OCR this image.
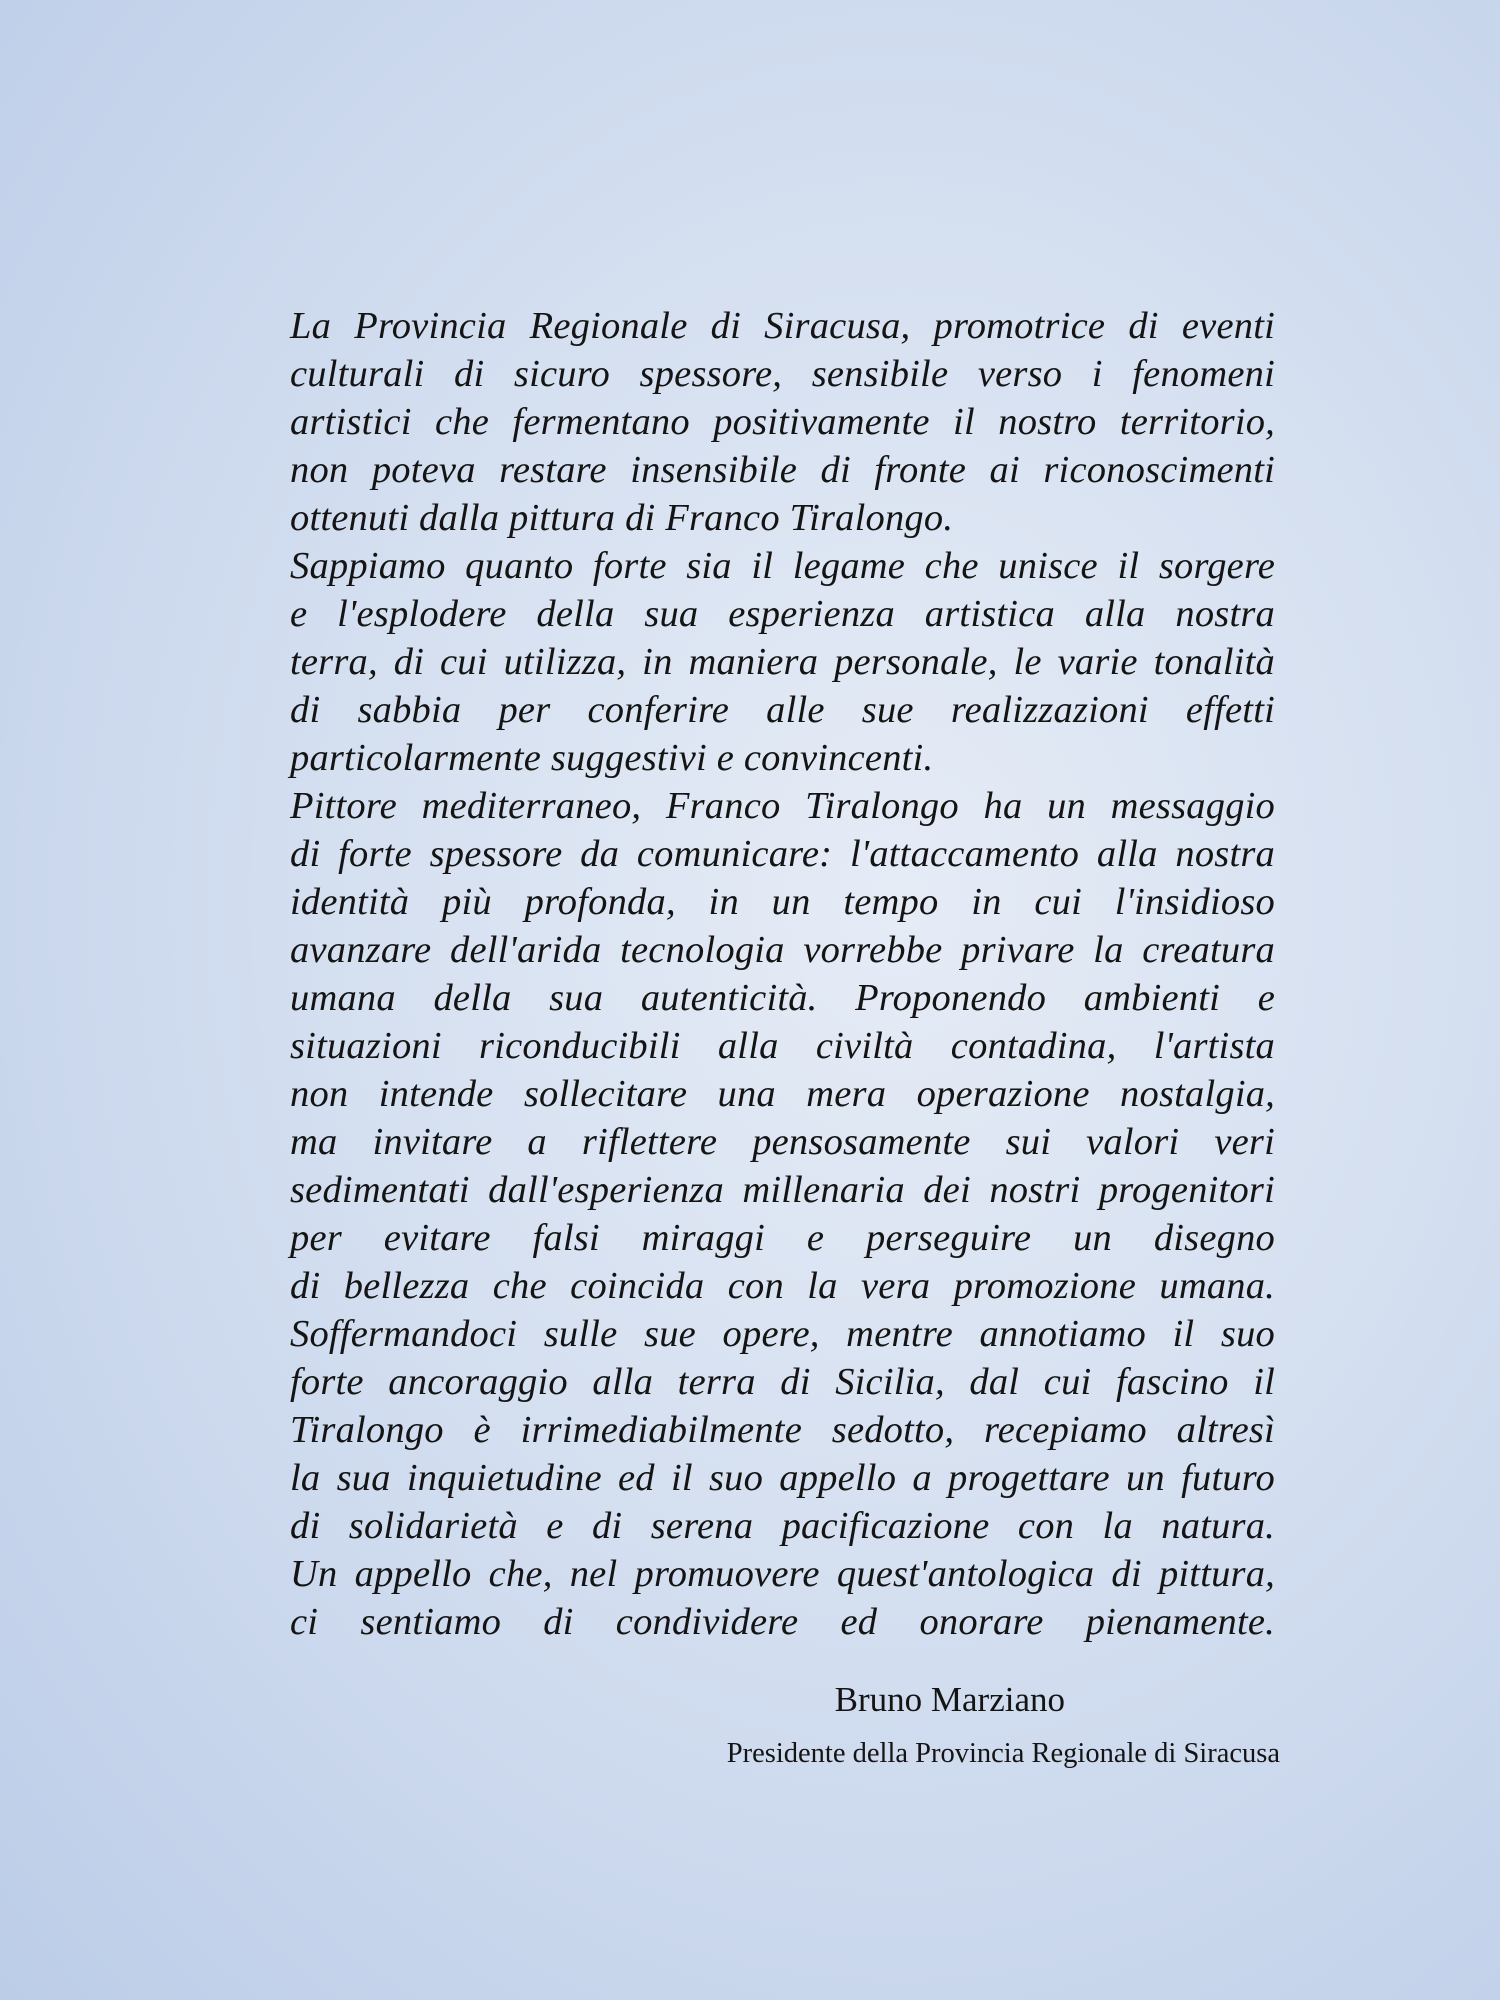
La Provincia Regionale di Siracusa, promotrice di eventi
culturali di sicuro spessore, sensibile verso i fenomeni
artistici che fermentano positivamente il nostro territorio,
non poteva restare insensibile di fronte ai riconoscimenti
ottenuti dalla pittura di Franco Tiralongo.
Sappiamo quanto forte sia il legame che unisce il sorgere
e l'esplodere della sua esperienza artistica alla nostra
terra, di cui utilizza, in maniera personale, le varie tonalità
di sabbia per conferire alle sue realizzazioni effetti
particolarmente suggestivi e convincenti.
Pittore mediterraneo, Franco Tiralongo ha un messaggio
di forte spessore da comunicare: l'attaccamento alla nostra
identità più profonda, in un tempo in cui l'insidioso
avanzare dell'arida tecnologia vorrebbe privare la creatura
umana della sua autenticità. Proponendo ambienti e
situazioni riconducibili alla civiltà contadina, l'artista
non intende sollecitare una mera operazione nostalgia,
ma invitare a riflettere pensosamente sui valori veri
sedimentati dall'esperienza millenaria dei nostri progenitori
per evitare falsi miraggi e perseguire un disegno
di bellezza che coincida con la vera promozione umana.
Soffermandoci sulle sue opere, mentre annotiamo il suo
forte ancoraggio alla terra di Sicilia, dal cui fascino il
Tiralongo è irrimediabilmente sedotto, recepiamo altresì
la sua inquietudine ed il suo appello a progettare un futuro
di solidarietà e di serena pacificazione con la natura.
Un appello che, nel promuovere quest'antologica di pittura,
ci sentiamo di condividere ed onorare pienamente.
Bruno Marziano
Presidente della Provincia Regionale di Siracusa
